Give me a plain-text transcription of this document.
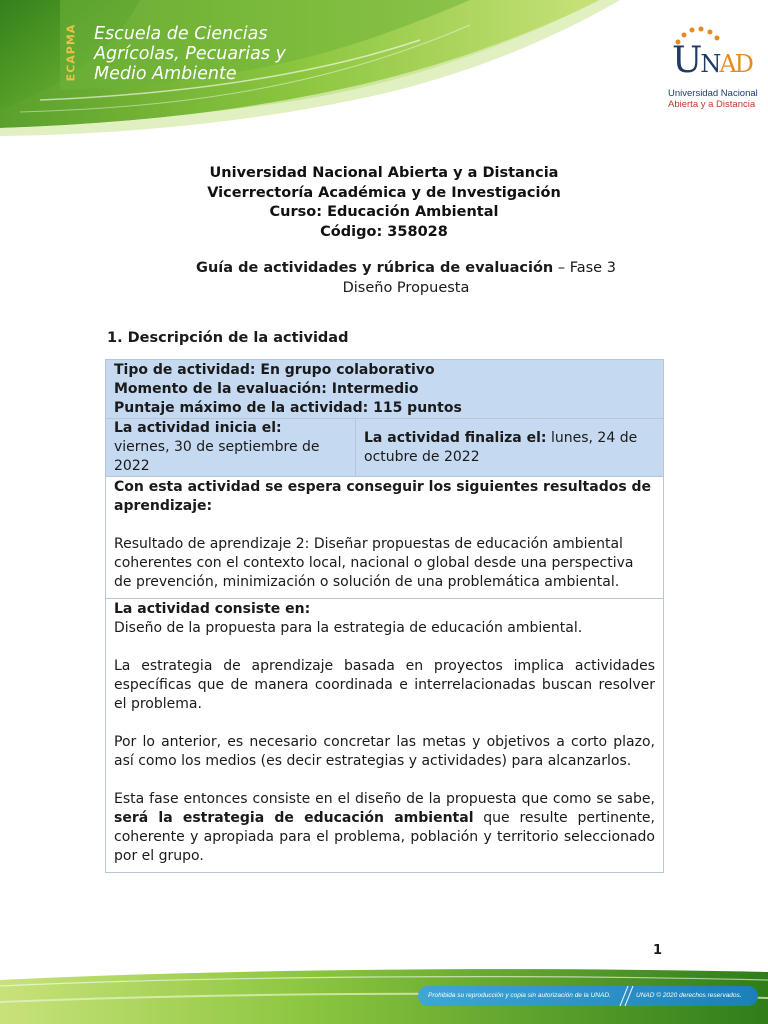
ECAPMA Escuela de Ciencias
Agrícolas, Pecuarias y
Medio Ambiente	UNAD
Universidad Nacional
Abierta y a Distancia
Universidad Nacional Abierta y a Distancia
Vicerrectoría Académica y de Investigación
Curso: Educación Ambiental
Código: 358028
Guía de actividades y rúbrica de evaluación – Fase 3
Diseño Propuesta
1. Descripción de la actividad
Tipo de actividad: En grupo colaborativo
Momento de la evaluación: Intermedio
Puntaje máximo de la actividad: 115 puntos
La actividad inicia el:
viernes, 30 de septiembre de 2022
La actividad finaliza el: lunes, 24 de octubre de 2022

Con esta actividad se espera conseguir los siguientes resultados de aprendizaje:

Resultado de aprendizaje 2: Diseñar propuestas de educación ambiental coherentes con el contexto local, nacional o global desde una perspectiva de prevención, minimización o solución de una problemática ambiental.

La actividad consiste en:

Diseño de la propuesta para la estrategia de educación ambiental.

La estrategia de aprendizaje basada en proyectos implica actividades específicas que de manera coordinada e interrelacionadas buscan resolver el problema.

Por lo anterior, es necesario concretar las metas y objetivos a corto plazo, así como los medios (es decir estrategias y actividades) para alcanzarlos.

Esta fase entonces consiste en el diseño de la propuesta que como se sabe, será la estrategia de educación ambiental que resulte pertinente, coherente y apropiada para el problema, población y territorio seleccionado por el grupo.

1
Prohibida su reproducción y copia sin autorización de la UNAD.	UNAD © 2020 derechos reservados.
